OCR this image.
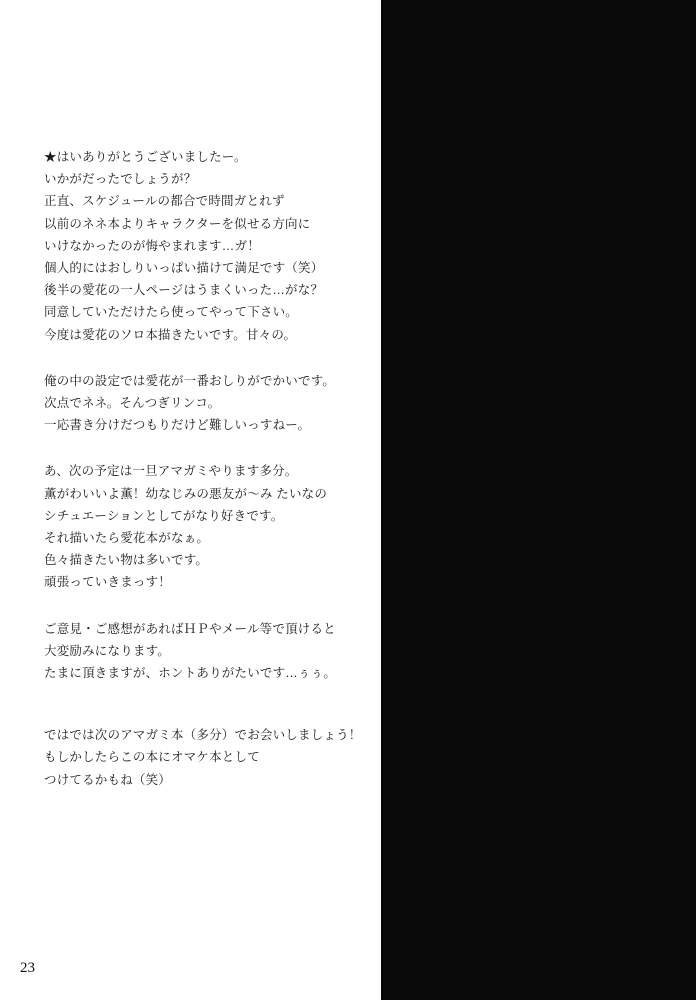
★はいありがとうございましたー。
いかがだったでしょうが？
正直、スケジュールの都合で時間ガとれず
以前のネネ本よりキャラクターを似せる方向に
いけなかったのが悔やまれます…ガ！
個人的にはおしりいっぱい描けて満足です（笑）
後半の愛花の一人ページはうまくいった…がな？
同意していただけたら使ってやって下さい。
今度は愛花のソロ本描きたいです。甘々の。
俺の中の設定では愛花が一番おしりがでかいです。
次点でネネ。そんつぎリンコ。
一応書き分けだつもりだけど難しいっすねー。
あ、次の予定は一旦アマガミやります多分。
薫がわいいよ薫！幼なじみの悪友が～み たいなの
シチュエーションとしてがなり好きです。
それ描いたら愛花本がなぁ。
色々描きたい物は多いです。
頑張っていきまっす！
ご意見・ご感想があればＨＰやメール等で頂けると
大変励みになります。
たまに頂きますが、ホントありがたいです…ぅぅ。
ではでは次のアマガミ本（多分）でお会いしましょう！
もしかしたらこの本にオマケ本として
つけてるかもね（笑）
23
